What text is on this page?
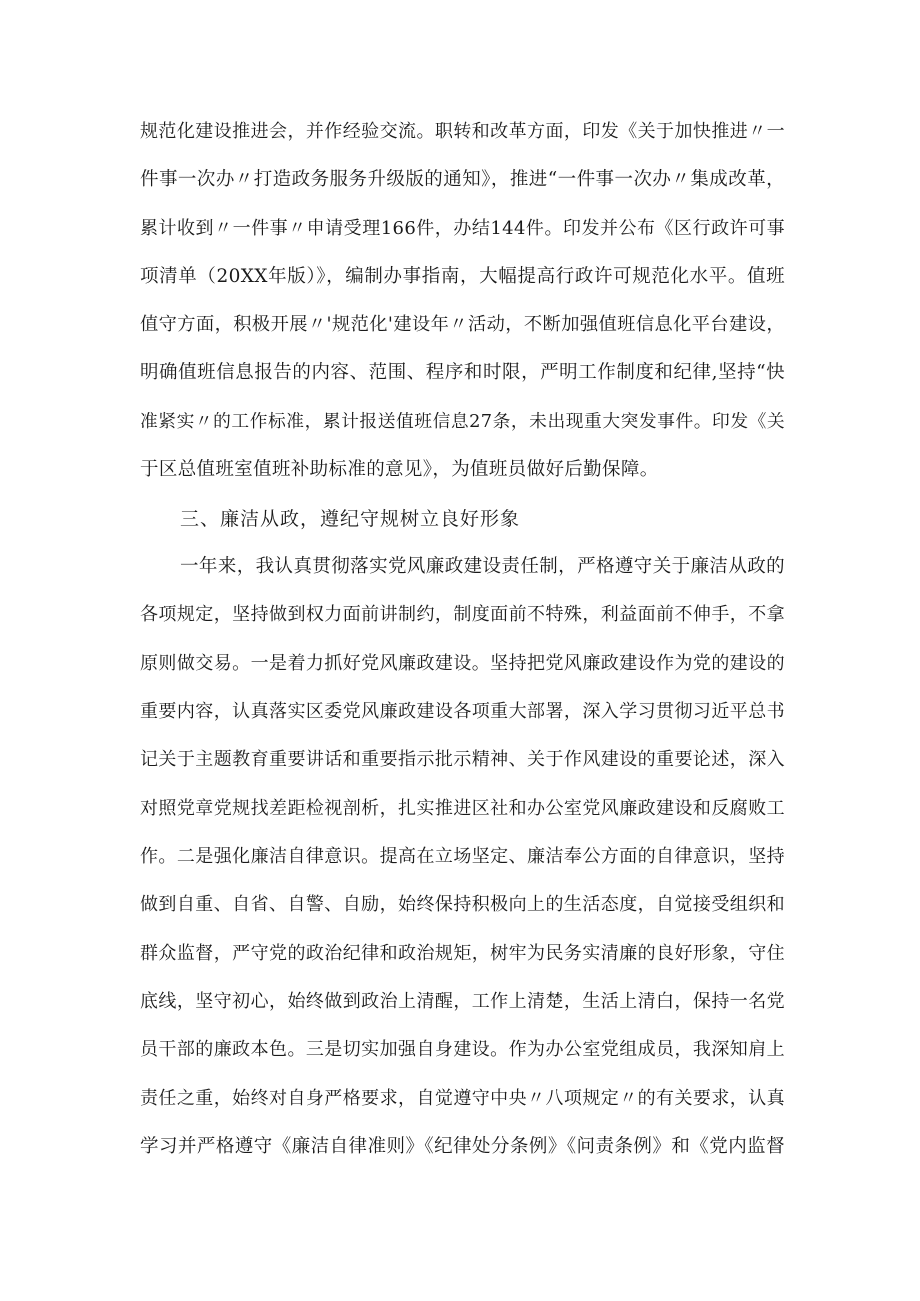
规范化建设推进会，并作经验交流。职转和改革方面，印发《关于加快推进〃一
件事一次办〃打造政务服务升级版的通知》，推进“一件事一次办〃集成改革，
累计收到〃一件事〃申请受理166件，办结144件。印发并公布《区行政许可事
项清单（20XX年版）》，编制办事指南，大幅提高行政许可规范化水平。值班
值守方面，积极开展〃'规范化'建设年〃活动，不断加强值班信息化平台建设，
明确值班信息报告的内容、范围、程序和时限，严明工作制度和纪律,坚持“快
准紧实〃的工作标准，累计报送值班信息27条，未出现重大突发事件。印发《关
于区总值班室值班补助标准的意见》，为值班员做好后勤保障。
三、廉洁从政，遵纪守规树立良好形象
一年来，我认真贯彻落实党风廉政建设责任制，严格遵守关于廉洁从政的
各项规定，坚持做到权力面前讲制约，制度面前不特殊，利益面前不伸手，不拿
原则做交易。一是着力抓好党风廉政建设。坚持把党风廉政建设作为党的建设的
重要内容，认真落实区委党风廉政建设各项重大部署，深入学习贯彻习近平总书
记关于主题教育重要讲话和重要指示批示精神、关于作风建设的重要论述，深入
对照党章党规找差距检视剖析，扎实推进区社和办公室党风廉政建设和反腐败工
作。二是强化廉洁自律意识。提高在立场坚定、廉洁奉公方面的自律意识，坚持
做到自重、自省、自警、自励，始终保持积极向上的生活态度，自觉接受组织和
群众监督，严守党的政治纪律和政治规矩，树牢为民务实清廉的良好形象，守住
底线，坚守初心，始终做到政治上清醒，工作上清楚，生活上清白，保持一名党
员干部的廉政本色。三是切实加强自身建设。作为办公室党组成员，我深知肩上
责任之重，始终对自身严格要求，自觉遵守中央〃八项规定〃的有关要求，认真
学习并严格遵守《廉洁自律准则》《纪律处分条例》《问责条例》和《党内监督
